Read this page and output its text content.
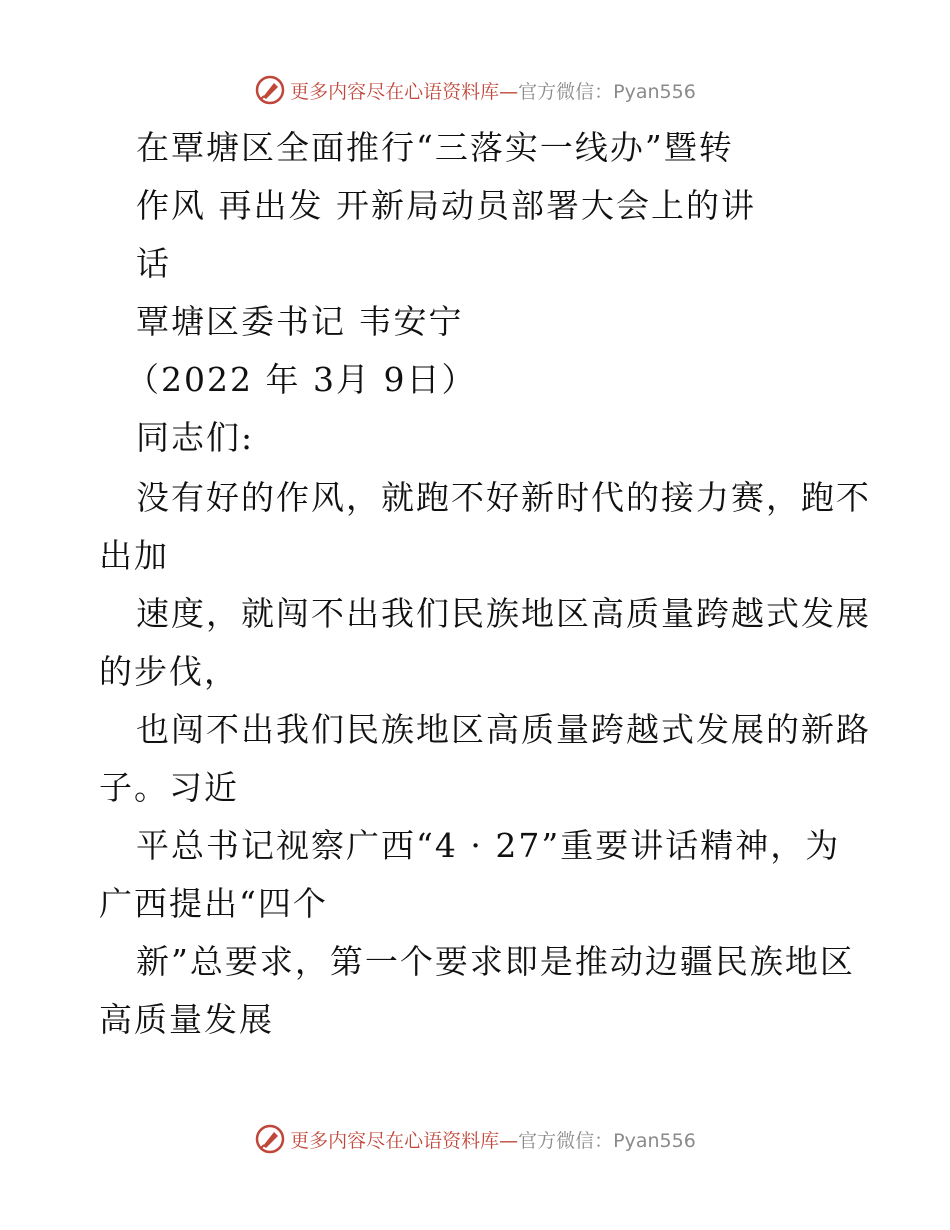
更多内容尽在心语资料库—官方微信：Pyan556
在覃塘区全面推行“三落实一线办”暨转
作风 再出发 开新局动员部署大会上的讲
话
覃塘区委书记 韦安宁
（2022 年 3月 9日）
同志们:
没有好的作风，就跑不好新时代的接力赛，跑不
出加
速度，就闯不出我们民族地区高质量跨越式发展
的步伐，
也闯不出我们民族地区高质量跨越式发展的新路
子。习近
平总书记视察广西“4 · 27”重要讲话精神，为
广西提出“四个
新”总要求，第一个要求即是推动边疆民族地区
高质量发展
更多内容尽在心语资料库—官方微信：Pyan556
